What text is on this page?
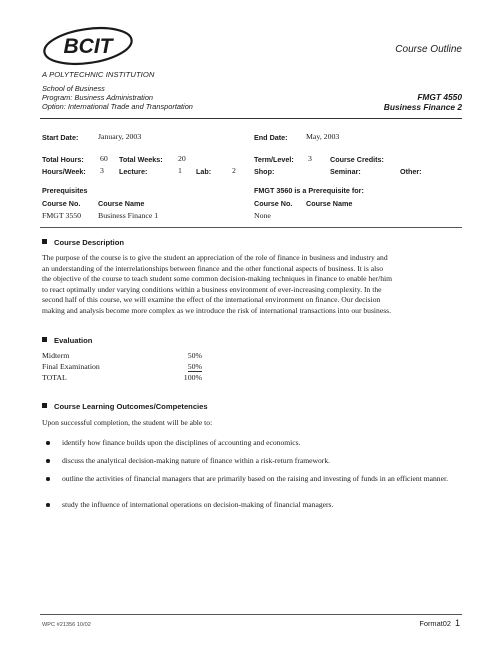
BCIT
A POLYTECHNIC INSTITUTION
Course Outline
School of Business
Program: Business Administration
Option: International Trade and Transportation
FMGT 4550
Business Finance 2
Start Date:	January, 2003	End Date: May, 2003
Total Hours: 60 Total Weeks: 20	Term/Level: 3	Course Credits:
Hours/Week: 3 Lecture:	1 Lab:	2	Shop:	Seminar:	Other:
Prerequisites
Course No. Course Name
FMGT 3550 Business Finance 1
FMGT 3560 is a Prerequisite for:
Course No. Course Name
None
Course Description
The purpose of the course is to give the student an appreciation of the role of finance in business and industry and
an understanding of the interrelationships between finance and the other functional aspects of business. It is also
the objective of the course to teach student some common decision-making techniques in finance to enable her/him
to react optimally under varying conditions within a business environment of ever-increasing complexity. In the
second half of this course, we will examine the effect of the international environment on finance. Our decision
making and analysis become more complex as we introduce the risk of international transactions into our business.
Evaluation
Midterm	50%
Final Examination	50%
TOTAL	100%
Course Learning Outcomes/Competencies
Upon successful completion, the student will be able to:
identify how finance builds upon the disciplines of accounting and economics.
discuss the analytical decision-making nature of finance within a risk-return framework.
outline the activities of financial managers that are primarily based on the raising and investing of funds in an efficient manner.
study the influence of international operations on decision-making of financial managers.
WPC #21356 10/02	Format02 1
